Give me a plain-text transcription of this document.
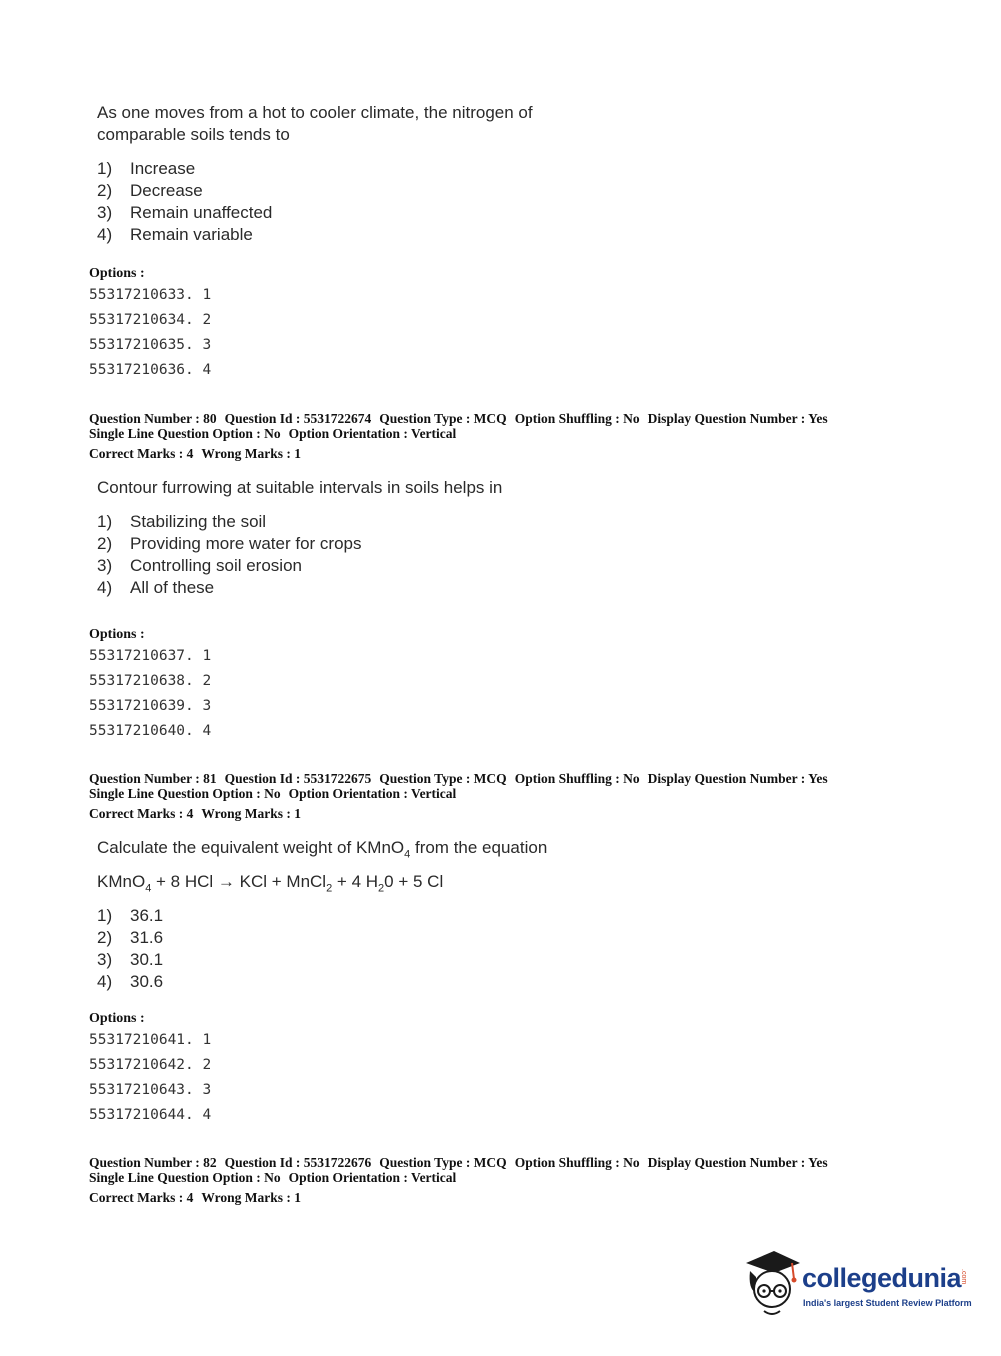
As one moves from a hot to cooler climate, the nitrogen of
comparable soils tends to
1) Increase
2) Decrease
3) Remain unaffected
4) Remain variable
Options :
55317210633. 1
55317210634. 2
55317210635. 3
55317210636. 4
Question Number : 80 Question Id : 5531722674 Question Type : MCQ Option Shuffling : No Display Question Number : Yes
Single Line Question Option : No Option Orientation : Vertical
Correct Marks : 4 Wrong Marks : 1
Contour furrowing at suitable intervals in soils helps in
1) Stabilizing the soil
2) Providing more water for crops
3) Controlling soil erosion
4) All of these
Options :
55317210637. 1
55317210638. 2
55317210639. 3
55317210640. 4
Question Number : 81 Question Id : 5531722675 Question Type : MCQ Option Shuffling : No Display Question Number : Yes
Single Line Question Option : No Option Orientation : Vertical
Correct Marks : 4 Wrong Marks : 1
Calculate the equivalent weight of KMnO$_4$ from the equation
KMnO$_4$ + 8 HCl → KCl + MnCl$_2$ + 4 $H_20 + 5$ Cl
1) 36.1
2) 31.6
3) 30.1
4) 30.6
Options :
55317210641. 1
55317210642. 2
55317210643. 3
55317210644. 4
Question Number : 82 Question Id : 5531722676 Question Type : MCQ Option Shuffling : No Display Question Number : Yes
Single Line Question Option : No Option Orientation : Vertical
Correct Marks : 4 Wrong Marks : 1
collegedunia
.com
India's largest Student Review Platform
